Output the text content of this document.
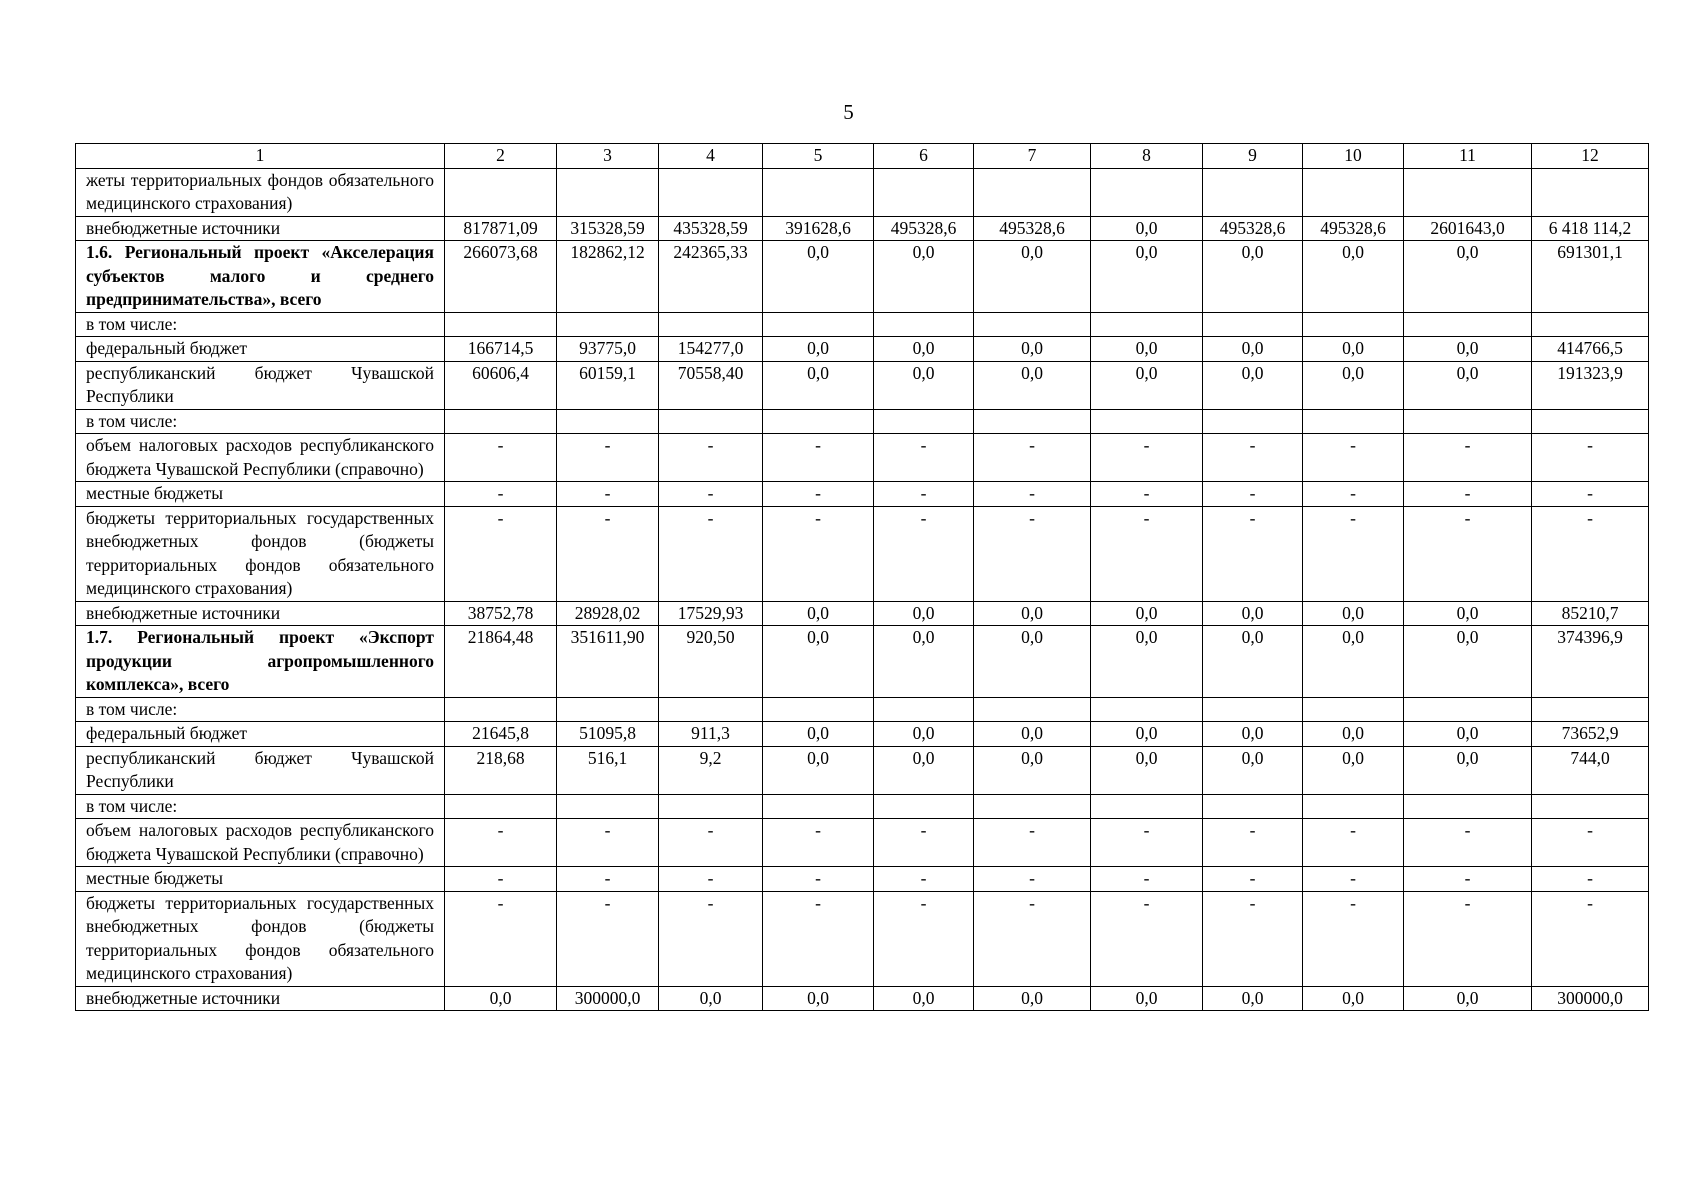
5
1	2	3	4	5	6	7	8	9	10	11	12
жеты территориальных фондов обязательного медицинского страхования)											
внебюджетные источники	817871,09	315328,59	435328,59	391628,6	495328,6	495328,6	0,0	495328,6	495328,6	2601643,0	6 418 114,2
1.6. Региональный проект «Акселерация субъектов малого и среднего предпринимательства», всего	266073,68	182862,12	242365,33	0,0	0,0	0,0	0,0	0,0	0,0	0,0	691301,1
в том числе:											
федеральный бюджет	166714,5	93775,0	154277,0	0,0	0,0	0,0	0,0	0,0	0,0	0,0	414766,5
республиканский бюджет Чувашской Республики	60606,4	60159,1	70558,40	0,0	0,0	0,0	0,0	0,0	0,0	0,0	191323,9
в том числе:											
объем налоговых расходов республиканского бюджета Чувашской Республики (справочно)	-	-	-	-	-	-	-	-	-	-	-
местные бюджеты	-	-	-	-	-	-	-	-	-	-	-
бюджеты территориальных государственных внебюджетных фондов (бюджеты территориальных фондов обязательного медицинского страхования)	-	-	-	-	-	-	-	-	-	-	-
внебюджетные источники	38752,78	28928,02	17529,93	0,0	0,0	0,0	0,0	0,0	0,0	0,0	85210,7
1.7. Региональный проект «Экспорт продукции агропромышленного комплекса», всего	21864,48	351611,90	920,50	0,0	0,0	0,0	0,0	0,0	0,0	0,0	374396,9
в том числе:											
федеральный бюджет	21645,8	51095,8	911,3	0,0	0,0	0,0	0,0	0,0	0,0	0,0	73652,9
республиканский бюджет Чувашской Республики	218,68	516,1	9,2	0,0	0,0	0,0	0,0	0,0	0,0	0,0	744,0
в том числе:											
объем налоговых расходов республиканского бюджета Чувашской Республики (справочно)	-	-	-	-	-	-	-	-	-	-	-
местные бюджеты	-	-	-	-	-	-	-	-	-	-	-
бюджеты территориальных государственных внебюджетных фондов (бюджеты территориальных фондов обязательного медицинского страхования)	-	-	-	-	-	-	-	-	-	-	-
внебюджетные источники	0,0	300000,0	0,0	0,0	0,0	0,0	0,0	0,0	0,0	0,0	300000,0
